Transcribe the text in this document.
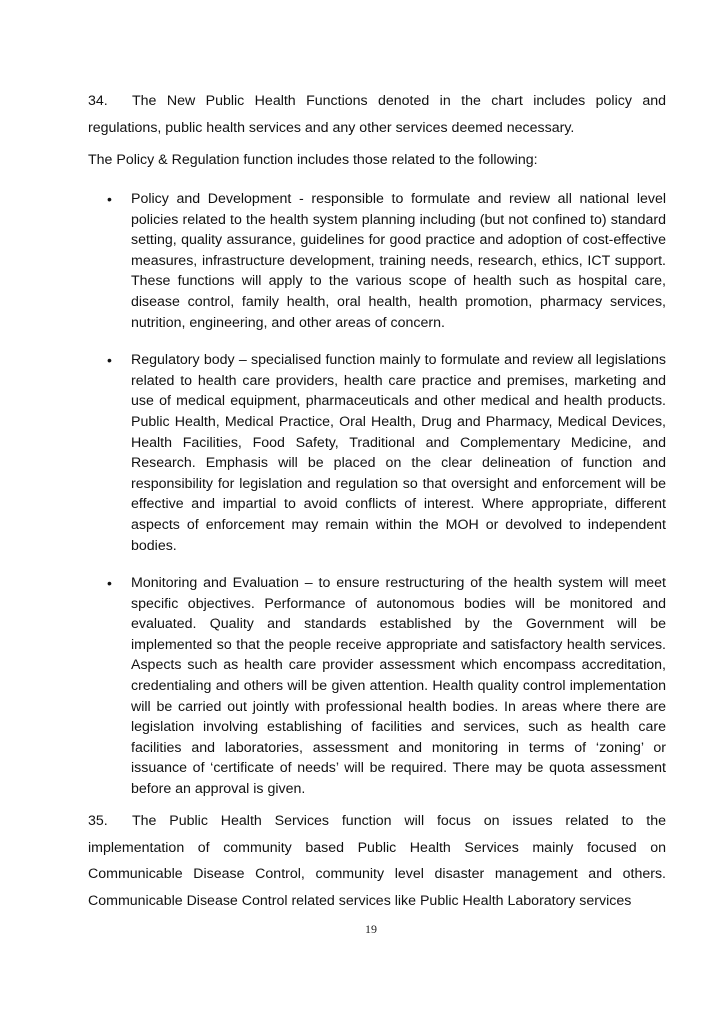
34. The New Public Health Functions denoted in the chart includes policy and regulations, public health services and any other services deemed necessary.

The Policy & Regulation function includes those related to the following:

• Policy and Development - responsible to formulate and review all national level policies related to the health system planning including (but not confined to) standard setting, quality assurance, guidelines for good practice and adoption of cost-effective measures, infrastructure development, training needs, research, ethics, ICT support. These functions will apply to the various scope of health such as hospital care, disease control, family health, oral health, health promotion, pharmacy services, nutrition, engineering, and other areas of concern.
• Regulatory body – specialised function mainly to formulate and review all legislations related to health care providers, health care practice and premises, marketing and use of medical equipment, pharmaceuticals and other medical and health products. Public Health, Medical Practice, Oral Health, Drug and Pharmacy, Medical Devices, Health Facilities, Food Safety, Traditional and Complementary Medicine, and Research. Emphasis will be placed on the clear delineation of function and responsibility for legislation and regulation so that oversight and enforcement will be effective and impartial to avoid conflicts of interest. Where appropriate, different aspects of enforcement may remain within the MOH or devolved to independent bodies.
• Monitoring and Evaluation – to ensure restructuring of the health system will meet specific objectives. Performance of autonomous bodies will be monitored and evaluated. Quality and standards established by the Government will be implemented so that the people receive appropriate and satisfactory health services. Aspects such as health care provider assessment which encompass accreditation, credentialing and others will be given attention. Health quality control implementation will be carried out jointly with professional health bodies. In areas where there are legislation involving establishing of facilities and services, such as health care facilities and laboratories, assessment and monitoring in terms of ‘zoning’ or issuance of ‘certificate of needs’ will be required. There may be quota assessment before an approval is given.

35. The Public Health Services function will focus on issues related to the implementation of community based Public Health Services mainly focused on Communicable Disease Control, community level disaster management and others. Communicable Disease Control related services like Public Health Laboratory services

19
